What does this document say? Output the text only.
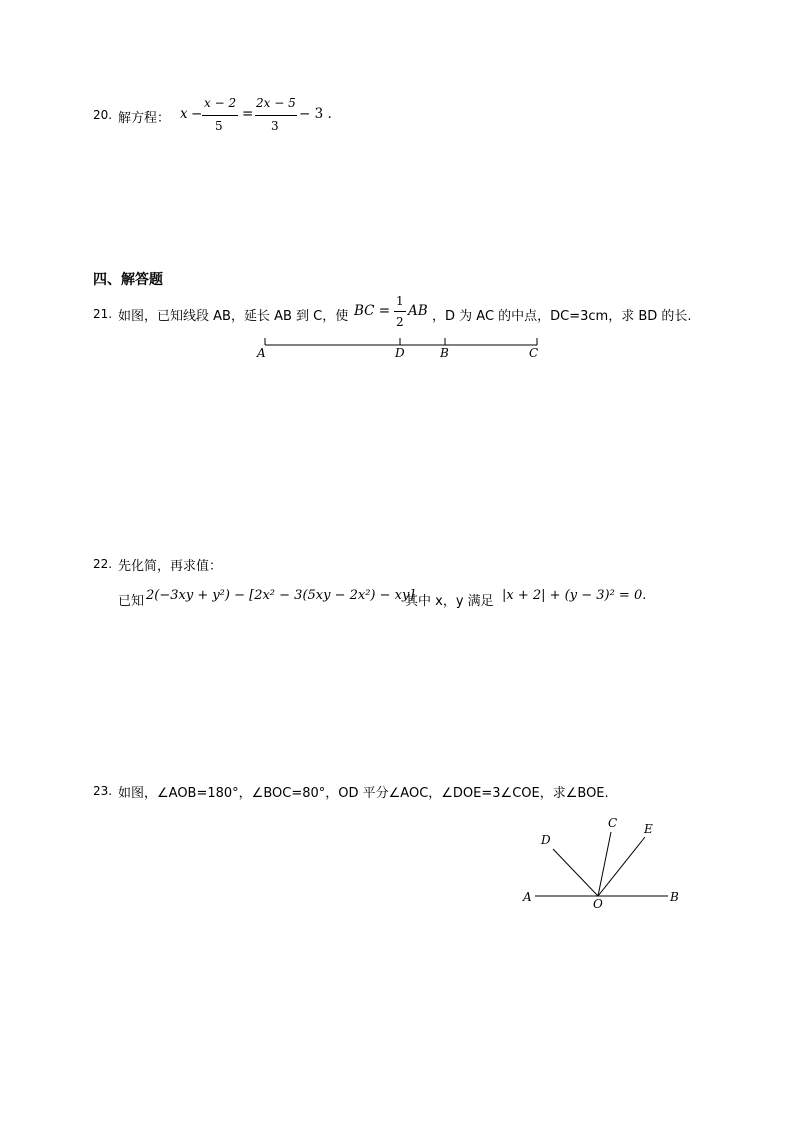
20. 解方程： x −
x − 2
5
=
2x − 5
3
− 3 .
四、解答题
21. 如图，已知线段 AB，延长 AB 到 C，使 BC =
1
2
AB ，D 为 AC 的中点，DC=3cm，求 BD 的长.
A	D	B	C
22. 先化简，再求值：
已知 2(−3xy + y²) − [2x² − 3(5xy − 2x²) − xy]
其中 x，y 满足 |x + 2| + (y − 3)² = 0.
23. 如图，∠AOB=180°，∠BOC=80°，OD 平分∠AOC，∠DOE=3∠COE，求∠BOE.
A	O	B
C
D
E
